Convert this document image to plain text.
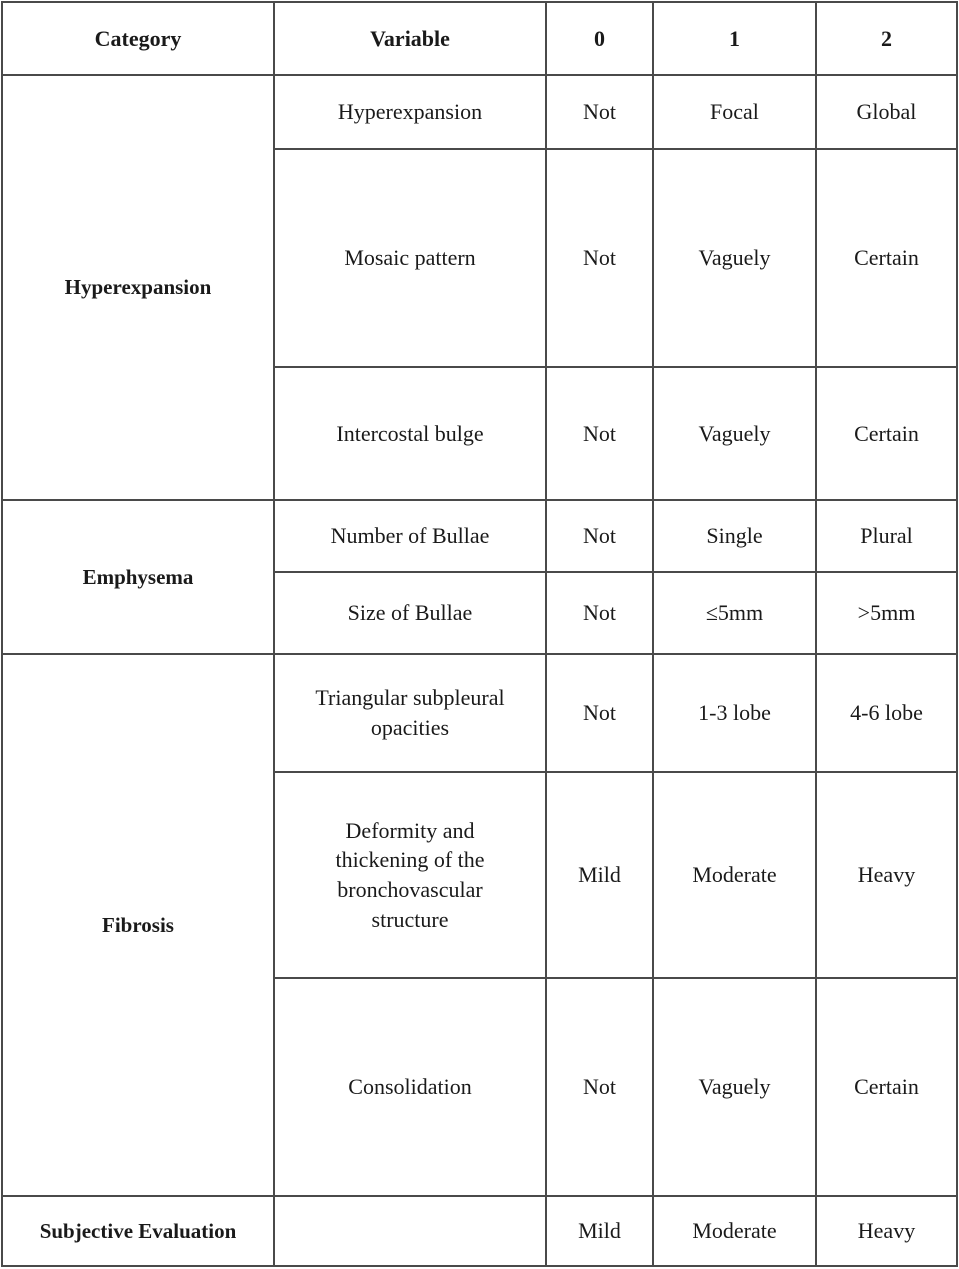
Category	Variable	0	1	2
Hyperexpansion	Hyperexpansion	Not	Focal	Global
	Mosaic pattern	Not	Vaguely	Certain
	Intercostal bulge	Not	Vaguely	Certain
Emphysema	Number of Bullae	Not	Single	Plural
	Size of Bullae	Not	≤5mm	>5mm
Fibrosis	Triangular subpleural opacities	Not	1-3 lobe	4-6 lobe
	Deformity and thickening of the bronchovascular structure	Mild	Moderate	Heavy
	Consolidation	Not	Vaguely	Certain
Subjective Evaluation		Mild	Moderate	Heavy
